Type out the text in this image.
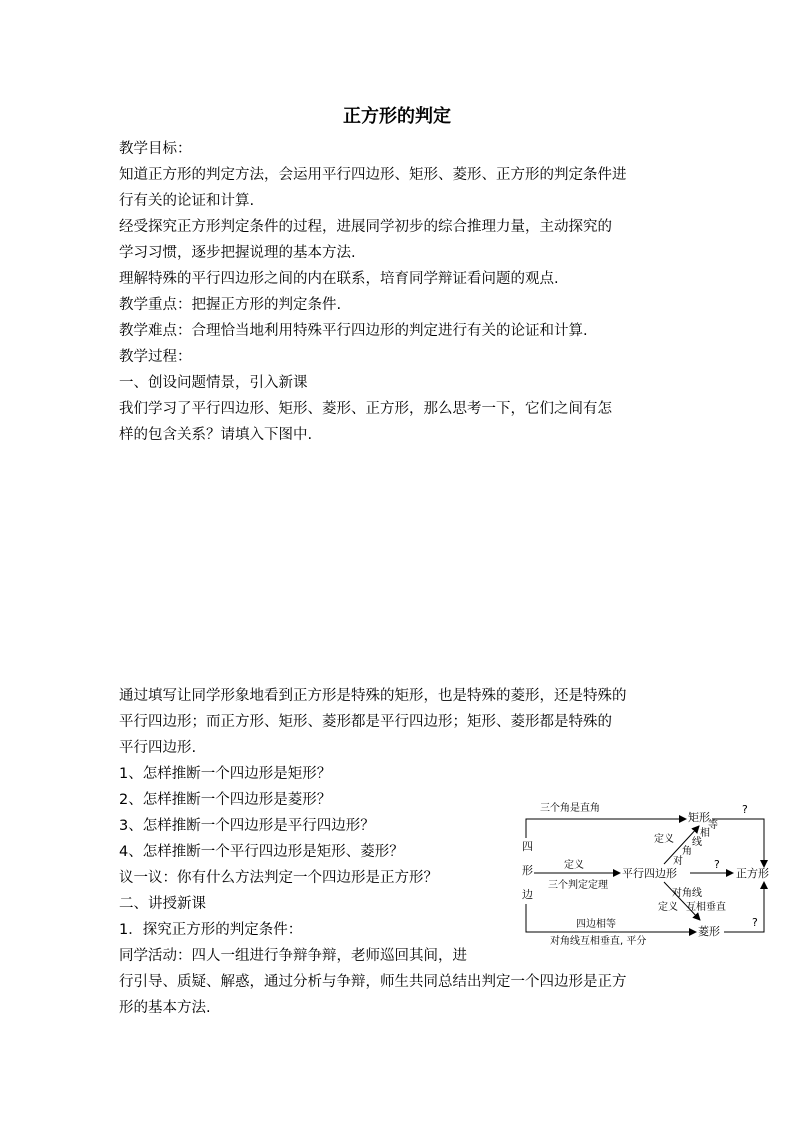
正方形的判定
教学目标：
知道正方形的判定方法，会运用平行四边形、矩形、菱形、正方形的判定条件进
行有关的论证和计算.
经受探究正方形判定条件的过程，进展同学初步的综合推理力量，主动探究的
学习习惯，逐步把握说理的基本方法.
理解特殊的平行四边形之间的内在联系，培育同学辩证看问题的观点.
教学重点：把握正方形的判定条件.
教学难点：合理恰当地利用特殊平行四边形的判定进行有关的论证和计算.
教学过程：
一、创设问题情景，引入新课
我们学习了平行四边形、矩形、菱形、正方形，那么思考一下，它们之间有怎
样的包含关系？请填入下图中.
通过填写让同学形象地看到正方形是特殊的矩形，也是特殊的菱形，还是特殊的
平行四边形；而正方形、矩形、菱形都是平行四边形；矩形、菱形都是特殊的
平行四边形.
1、怎样推断一个四边形是矩形？
2、怎样推断一个四边形是菱形？
3、怎样推断一个四边形是平行四边形？
4、怎样推断一个平行四边形是矩形、菱形？
议一议：你有什么方法判定一个四边形是正方形？
二、讲授新课
1．探究正方形的判定条件：
同学活动：四人一组进行争辩争辩，老师巡回其间，进
行引导、质疑、解惑，通过分析与争辩，师生共同总结出判定一个四边形是正方
形的基本方法.
四
形
边
三个角是直角
四边相等
对角线互相垂直, 平分
定义
三个判定定理
平行四边形
矩形
菱形
正方形
定义
对
角
线
相
等
对角线
定义 互相垂直
?
?
?
